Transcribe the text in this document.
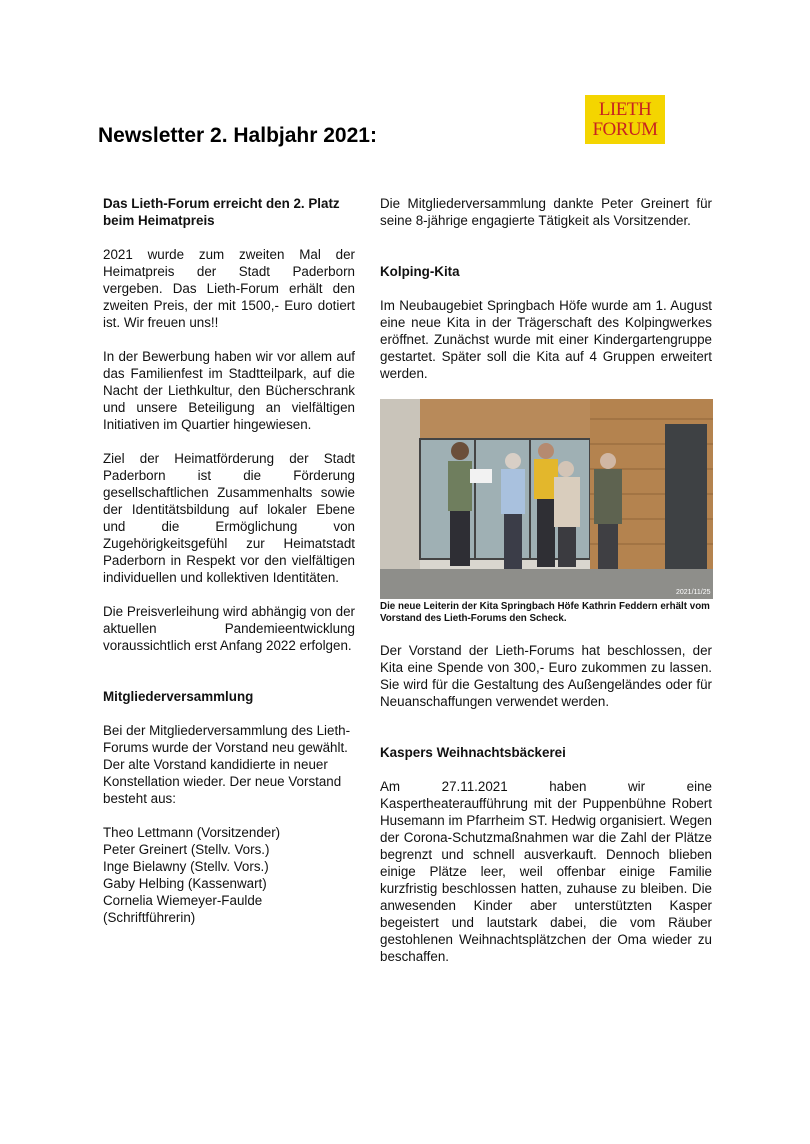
LIETH
FORUM
Newsletter 2. Halbjahr 2021:
Das Lieth-Forum erreicht den 2. Platz beim Heimatpreis

2021 wurde zum zweiten Mal der Heimatpreis der Stadt Paderborn vergeben. Das Lieth-Forum erhält den zweiten Preis, der mit 1500,- Euro dotiert ist. Wir freuen uns!!

In der Bewerbung haben wir vor allem auf das Familienfest im Stadtteilpark, auf die Nacht der Liethkultur, den Bücherschrank und unsere Beteiligung an vielfältigen Initiativen im Quartier hingewiesen.

Ziel der Heimatförderung der Stadt Paderborn ist die Förderung gesellschaftlichen Zusammenhalts sowie der Identitätsbildung auf lokaler Ebene und die Ermöglichung von Zugehörigkeitsgefühl zur Heimatstadt Paderborn in Respekt vor den vielfältigen individuellen und kollektiven Identitäten.

Die Preisverleihung wird abhängig von der aktuellen Pandemieentwicklung voraussichtlich erst Anfang 2022 erfolgen.

Mitgliederversammlung

Bei der Mitgliederversammlung des Lieth-Forums wurde der Vorstand neu gewählt. Der alte Vorstand kandidierte in neuer Konstellation wieder. Der neue Vorstand besteht aus:

Theo Lettmann (Vorsitzender)
Peter Greinert (Stellv. Vors.)
Inge Bielawny (Stellv. Vors.)
Gaby Helbing (Kassenwart)
Cornelia Wiemeyer-Faulde
(Schriftführerin)

Die Mitgliederversammlung dankte Peter Greinert für seine 8-jährige engagierte Tätigkeit als Vorsitzender.

Kolping-Kita

Im Neubaugebiet Springbach Höfe wurde am 1. August eine neue Kita in der Trägerschaft des Kolpingwerkes eröffnet. Zunächst wurde mit einer Kindergartengruppe gestartet. Später soll die Kita auf 4 Gruppen erweitert werden.

2021/11/25

Die neue Leiterin der Kita Springbach Höfe Kathrin Feddern erhält vom Vorstand des Lieth-Forums den Scheck.

Der Vorstand der Lieth-Forums hat beschlossen, der Kita eine Spende von 300,- Euro zukommen zu lassen. Sie wird für die Gestaltung des Außengeländes oder für Neuanschaffungen verwendet werden.

Kaspers Weihnachtsbäckerei

Am 27.11.2021 haben wir eine Kaspertheateraufführung mit der Puppenbühne Robert Husemann im Pfarrheim ST. Hedwig organisiert. Wegen der Corona-Schutzmaßnahmen war die Zahl der Plätze begrenzt und schnell ausverkauft. Dennoch blieben einige Plätze leer, weil offenbar einige Familie kurzfristig beschlossen hatten, zuhause zu bleiben. Die anwesenden Kinder aber unterstützten Kasper begeistert und lautstark dabei, die vom Räuber gestohlenen Weihnachtsplätzchen der Oma wieder zu beschaffen.
